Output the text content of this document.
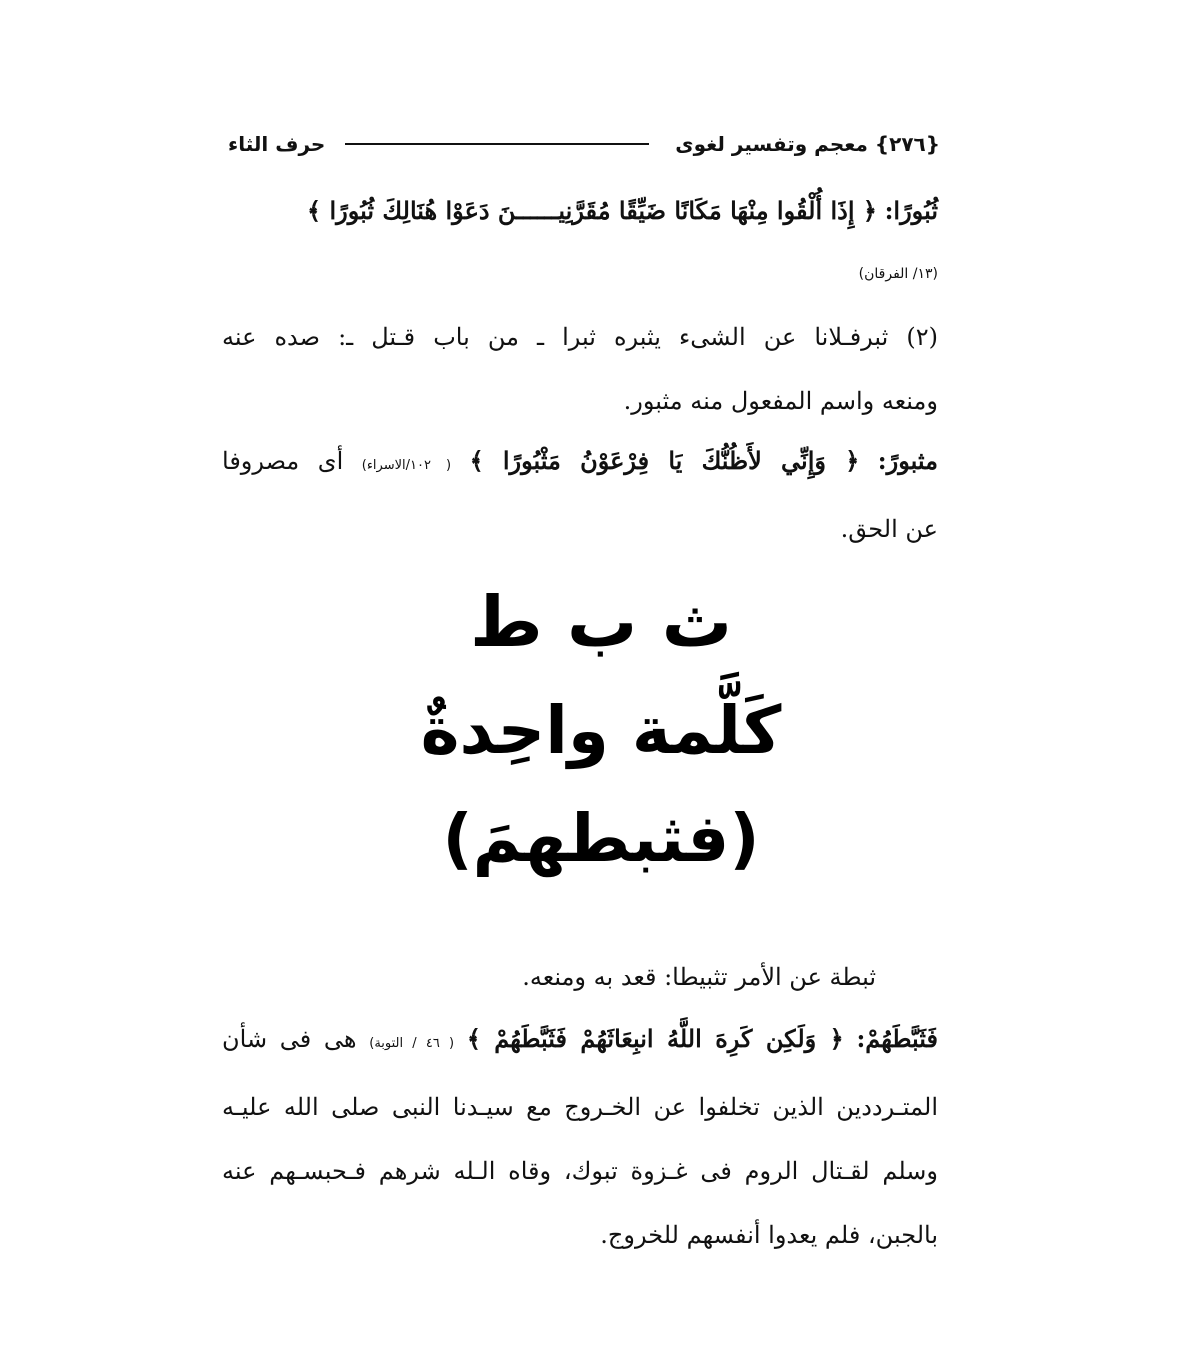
{٢٧٦} معجم وتفسير لغوى
حرف الثاء
ثُبُورًا: ﴿ إِذَا أُلْقُوا مِنْهَا مَكَانًا ضَيِّقًا مُقَرَّنِيــــــنَ دَعَوْا هُنَالِكَ ثُبُورًا ﴾
(١٣/ الفرقان)
(٢) ثبرفـلانا عن الشىء يثبره ثبرا ـ من باب قـتل ـ: صده عنه
ومنعه واسم المفعول منه مثبور.
مثبورً: ﴿ وَإِنِّي لأَظُنُّكَ يَا فِرْعَوْنُ مَثْبُورًا ﴾ ( ١٠٢/الاسراء) أى مصروفا
عن الحق.
ث ب ط
كَلَّمة واحِدةٌ
(فثبطهمَ)
ثبطة عن الأمر تثبيطا: قعد به ومنعه.
فَثَبَّطَهُمْ: ﴿ وَلَكِن كَرِهَ اللَّهُ انبِعَاثَهُمْ فَثَبَّطَهُمْ ﴾ ( ٤٦ / التوبة) هى فى شأن
المتـرددين الذين تخلفوا عن الخـروج مع سيـدنا النبى صلى الله عليـه
وسلم لقـتال الروم فى غـزوة تبوك، وقاه الـله شرهم فـحبسـهم عنه
بالجبن، فلم يعدوا أنفسهم للخروج.
